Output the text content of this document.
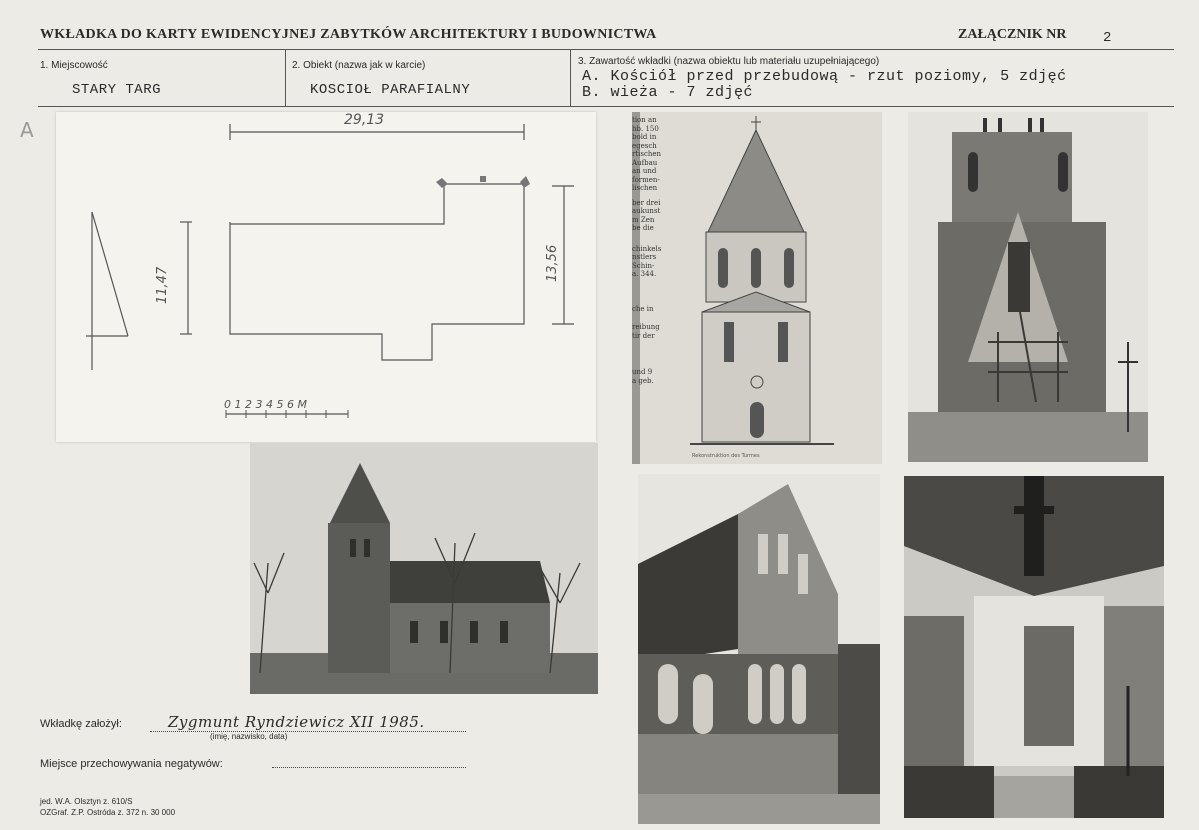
WKŁADKA DO KARTY EWIDENCYJNEJ ZABYTKÓW ARCHITEKTURY I BUDOWNICTWA	ZAŁĄCZNIK NR	2
1. Miejscowość
STARY TARG
2. Obiekt (nazwa jak w karcie)
KOSCIOŁ PARAFIALNY
3. Zawartość wkładki (nazwa obiektu lub materiału uzupełniającego)
A. Kościół przed przebudową - rzut poziomy, 5 zdjęć
B. wieża - 7 zdjęć
A	29,13
11,47
13,56
0 1 2 3 4 5 6 M
Rekonstruktion des Turmes
tion an
hb. 150
bold in
egesch
rtischen
Aufbau
an und
formen-
lischen
ber drei
aukunst
m Zen
be die
chinkels
nstlers
Schin-
a. 344.
che in
reibung
tir der
und 9
a geb.
Wkładkę założył:	Zygmunt Ryndziewicz XII 1985.
(imię, nazwisko, data)
Miejsce przechowywania negatywów:
jed. W.A. Olsztyn z. 610/S
OZGraf. Z.P. Ostróda z. 372 n. 30 000
